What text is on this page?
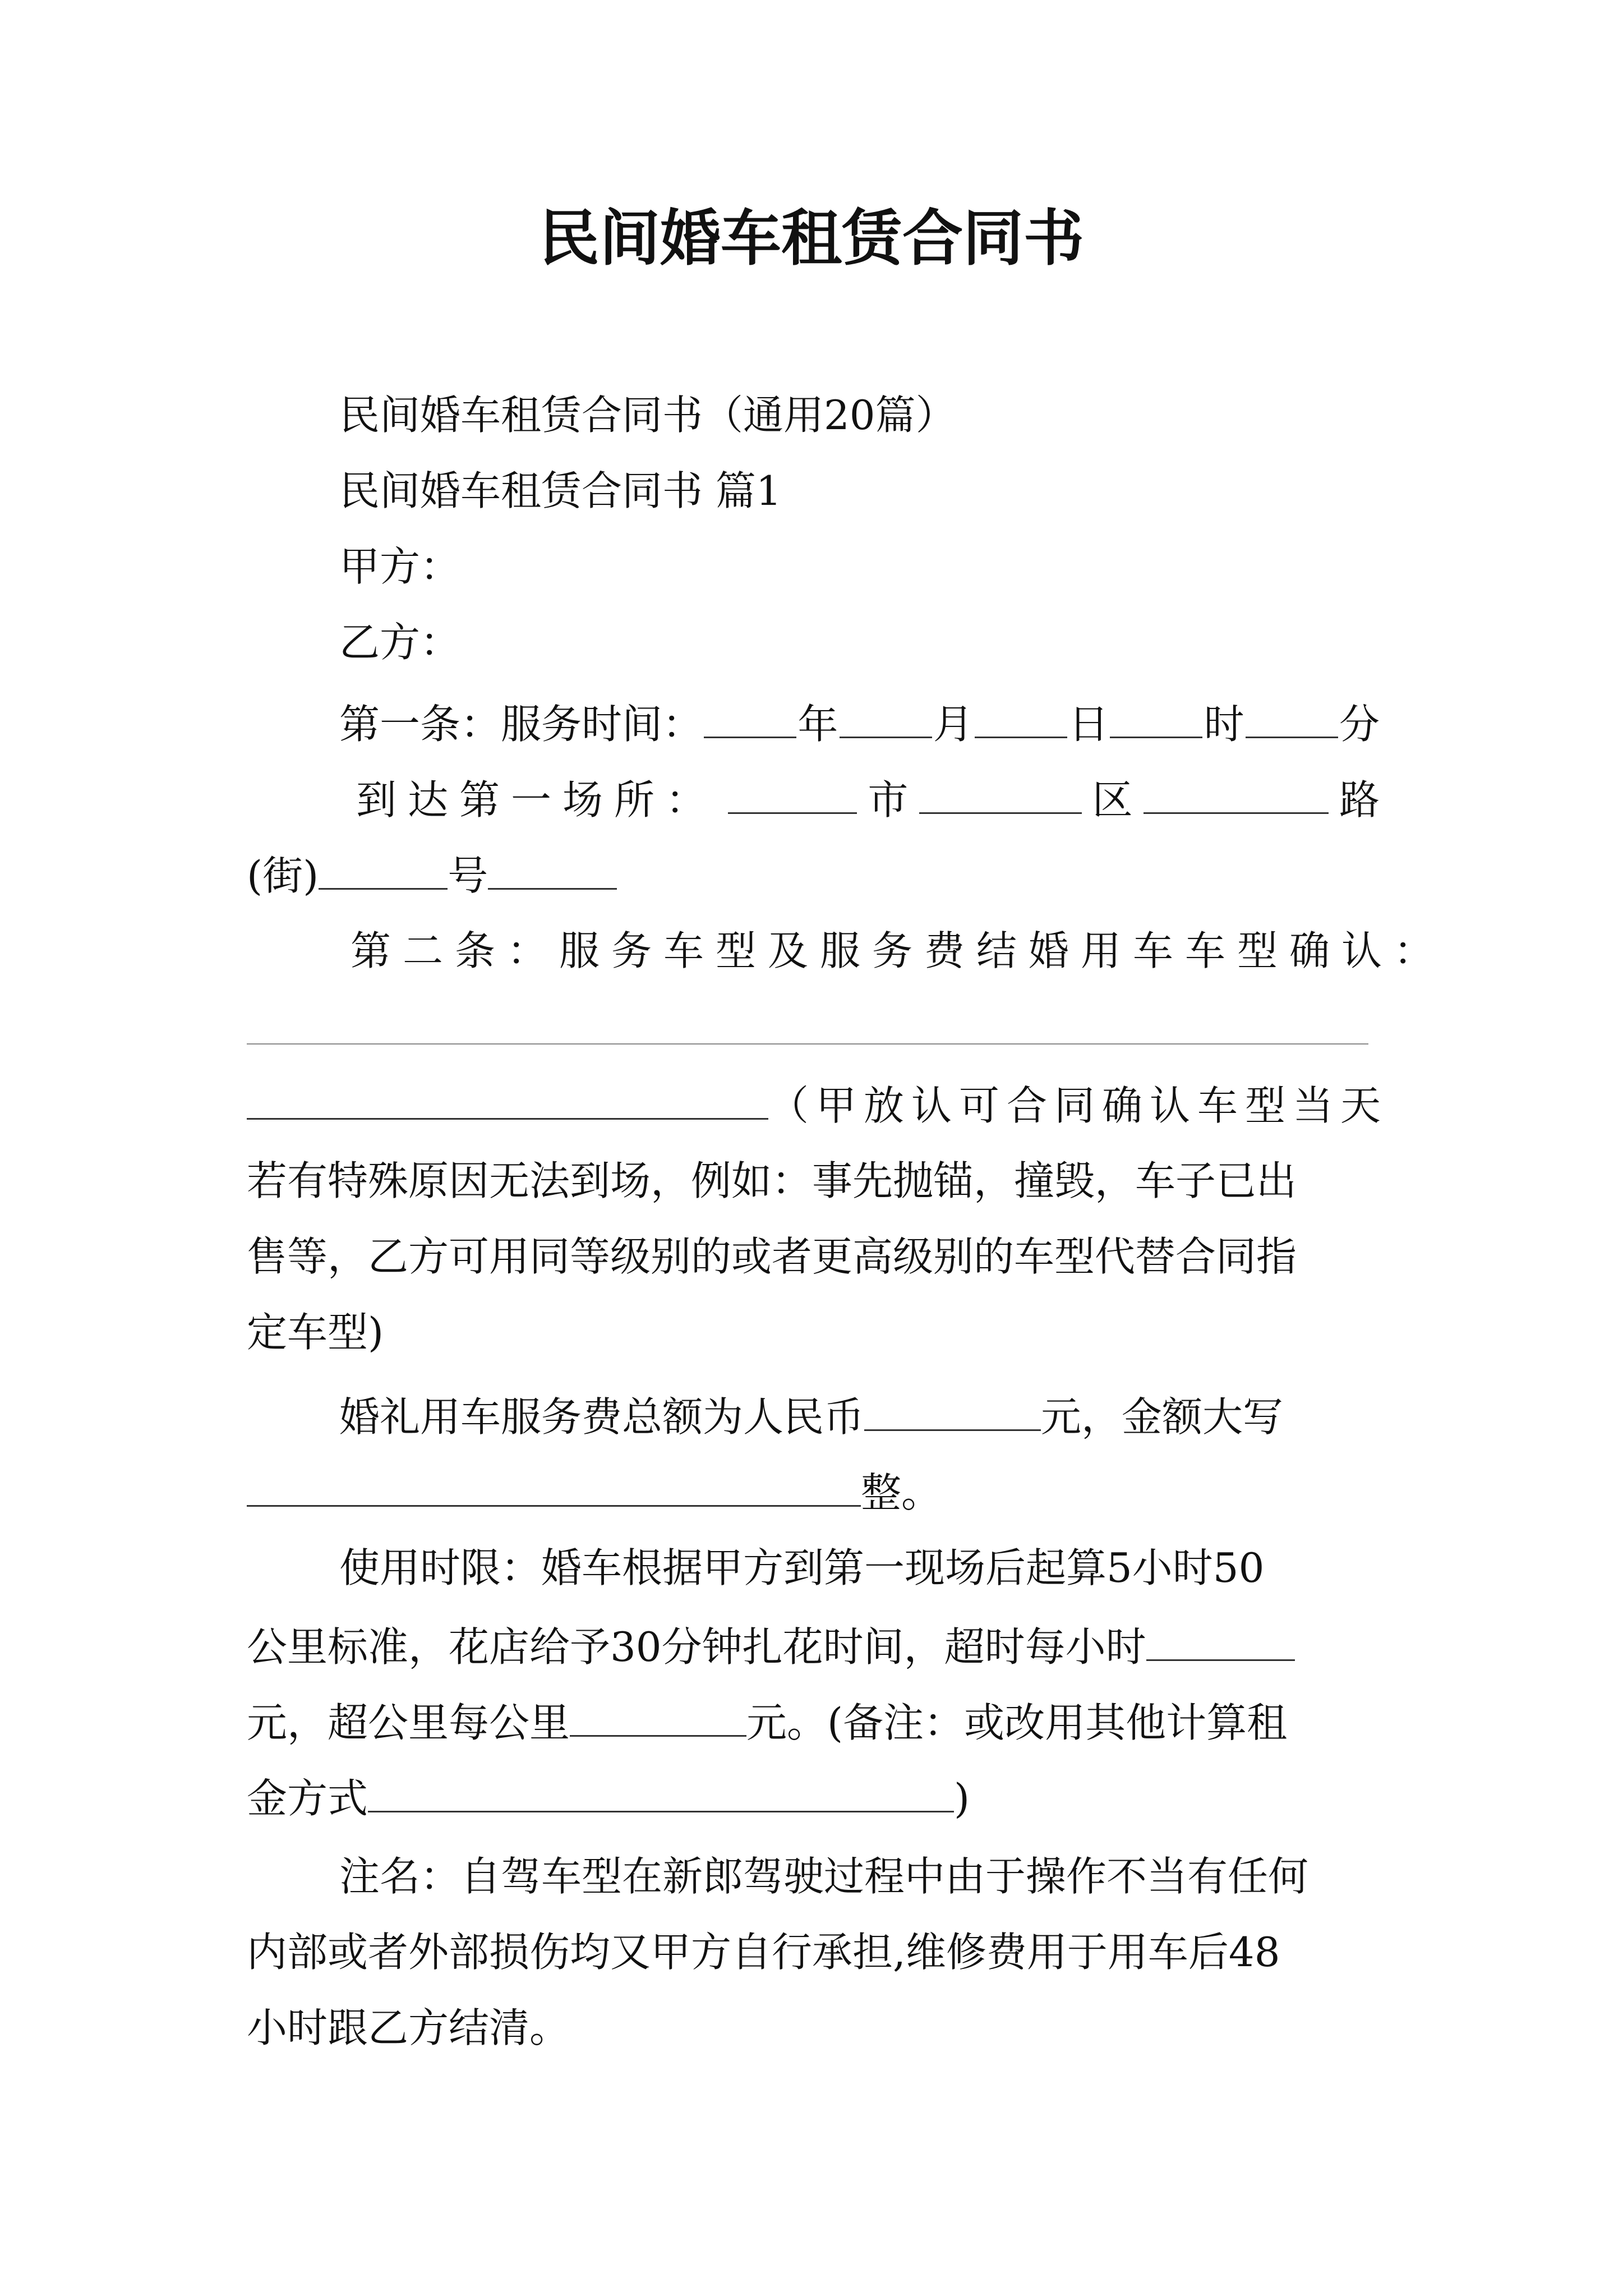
民间婚车租赁合同书
民间婚车租赁合同书（通用20篇）
民间婚车租赁合同书 篇1
甲方：
乙方：
第一条：服务时间： 年 月 日 时 分
到达第一场所：	市	区	路
(街)	号
第二条：服务车型及服务费结婚用车车型确认：
（甲放认可合同确认车型当天
若有特殊原因无法到场，例如：事先抛锚，撞毁，车子已出
售等，乙方可用同等级别的或者更高级别的车型代替合同指
定车型)
婚礼用车服务费总额为人民币	元，金额大写
整。
使用时限：婚车根据甲方到第一现场后起算5小时50
公里标准，花店给予30分钟扎花时间，超时每小时
元，超公里每公里	元。(备注：或改用其他计算租
金方式	)
注名：自驾车型在新郎驾驶过程中由于操作不当有任何
内部或者外部损伤均又甲方自行承担,维修费用于用车后48
小时跟乙方结清。
